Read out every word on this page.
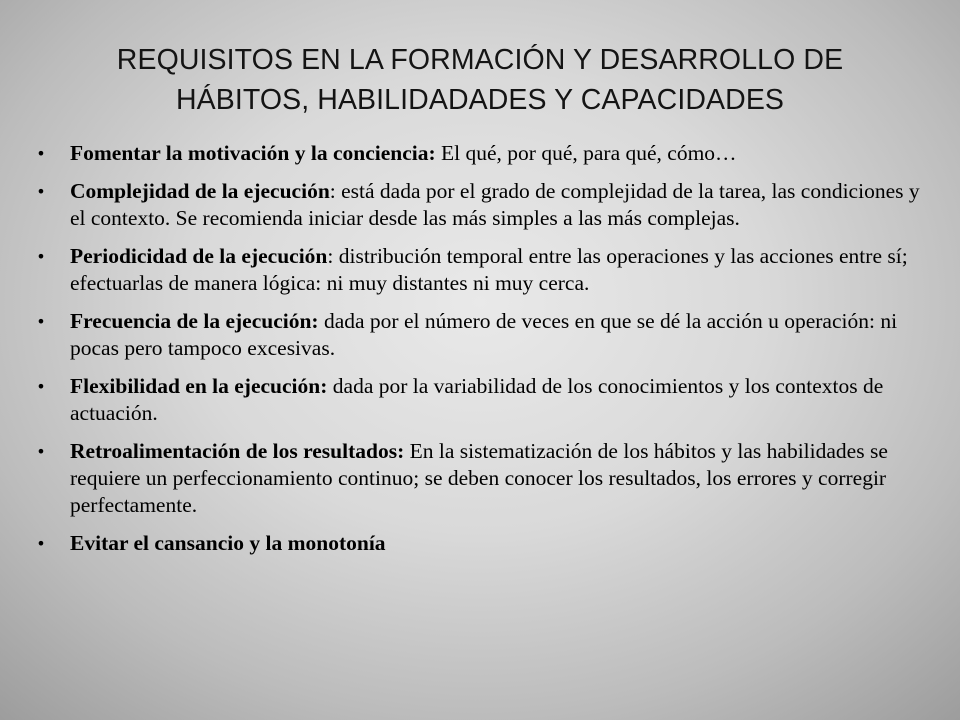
REQUISITOS EN LA FORMACIÓN Y DESARROLLO DE
HÁBITOS, HABILIDADADES Y CAPACIDADES
• Fomentar la motivación y la conciencia: El qué, por qué, para qué, cómo…
• Complejidad de la ejecución: está dada por el grado de complejidad de la tarea, las condiciones y el contexto. Se recomienda iniciar desde las más simples a las más complejas.
• Periodicidad de la ejecución: distribución temporal entre las operaciones y las acciones entre sí; efectuarlas de manera lógica: ni muy distantes ni muy cerca.
• Frecuencia de la ejecución: dada por el número de veces en que se dé la acción u operación: ni pocas pero tampoco excesivas.
• Flexibilidad en la ejecución: dada por la variabilidad de los conocimientos y los contextos de actuación.
• Retroalimentación de los resultados: En la sistematización de los hábitos y las habilidades se requiere un perfeccionamiento continuo; se deben conocer los resultados, los errores y corregir perfectamente.
• Evitar el cansancio y la monotonía
